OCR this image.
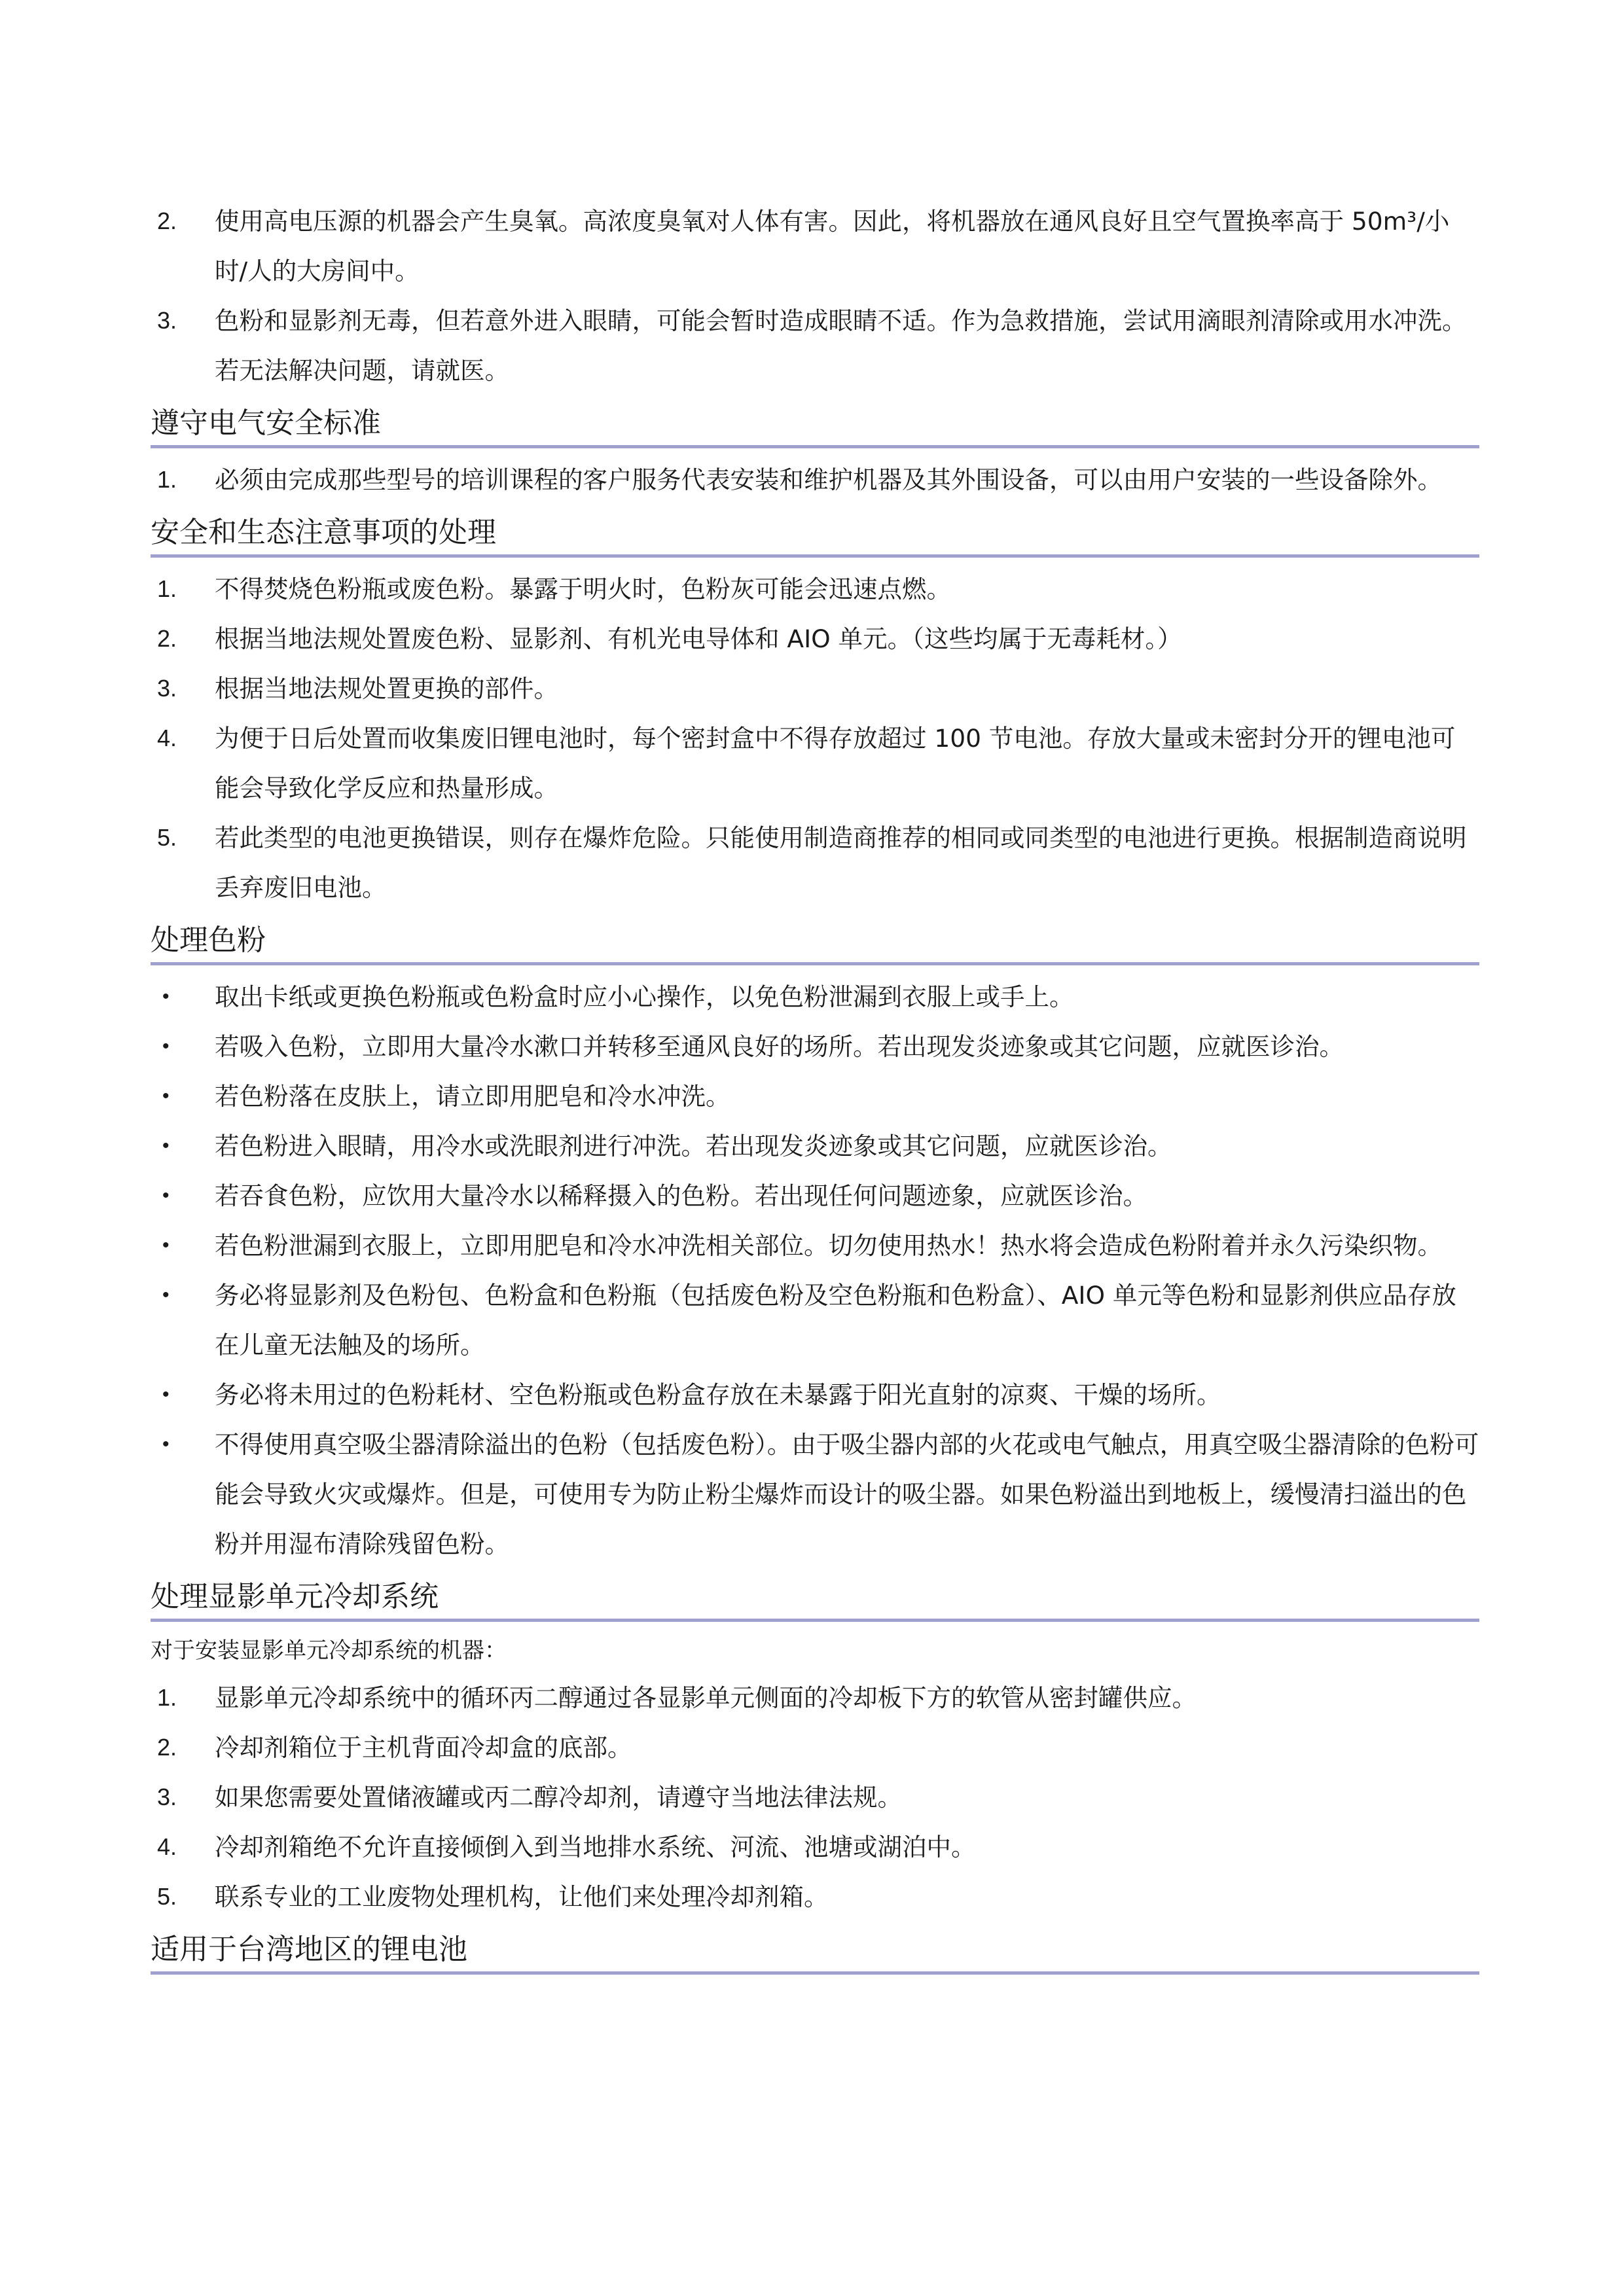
2. 使用高电压源的机器会产生臭氧。高浓度臭氧对人体有害。因此，将机器放在通风良好且空气置换率高于 50m³/小时/人的大房间中。
3. 色粉和显影剂无毒，但若意外进入眼睛，可能会暂时造成眼睛不适。作为急救措施，尝试用滴眼剂清除或用水冲洗。若无法解决问题，请就医。
遵守电气安全标准
1. 必须由完成那些型号的培训课程的客户服务代表安装和维护机器及其外围设备，可以由用户安装的一些设备除外。
安全和生态注意事项的处理
1. 不得焚烧色粉瓶或废色粉。暴露于明火时，色粉灰可能会迅速点燃。
2. 根据当地法规处置废色粉、显影剂、有机光电导体和 AIO 单元。（这些均属于无毒耗材。）
3. 根据当地法规处置更换的部件。
4. 为便于日后处置而收集废旧锂电池时，每个密封盒中不得存放超过 100 节电池。存放大量或未密封分开的锂电池可能会导致化学反应和热量形成。
5. 若此类型的电池更换错误，则存在爆炸危险。只能使用制造商推荐的相同或同类型的电池进行更换。根据制造商说明丢弃废旧电池。
处理色粉
• 取出卡纸或更换色粉瓶或色粉盒时应小心操作，以免色粉泄漏到衣服上或手上。
• 若吸入色粉，立即用大量冷水漱口并转移至通风良好的场所。若出现发炎迹象或其它问题，应就医诊治。
• 若色粉落在皮肤上，请立即用肥皂和冷水冲洗。
• 若色粉进入眼睛，用冷水或洗眼剂进行冲洗。若出现发炎迹象或其它问题，应就医诊治。
• 若吞食色粉，应饮用大量冷水以稀释摄入的色粉。若出现任何问题迹象，应就医诊治。
• 若色粉泄漏到衣服上，立即用肥皂和冷水冲洗相关部位。切勿使用热水！热水将会造成色粉附着并永久污染织物。
• 务必将显影剂及色粉包、色粉盒和色粉瓶（包括废色粉及空色粉瓶和色粉盒）、AIO 单元等色粉和显影剂供应品存放在儿童无法触及的场所。
• 务必将未用过的色粉耗材、空色粉瓶或色粉盒存放在未暴露于阳光直射的凉爽、干燥的场所。
• 不得使用真空吸尘器清除溢出的色粉（包括废色粉）。由于吸尘器内部的火花或电气触点，用真空吸尘器清除的色粉可能会导致火灾或爆炸。但是，可使用专为防止粉尘爆炸而设计的吸尘器。如果色粉溢出到地板上，缓慢清扫溢出的色粉并用湿布清除残留色粉。
处理显影单元冷却系统
对于安装显影单元冷却系统的机器：
1. 显影单元冷却系统中的循环丙二醇通过各显影单元侧面的冷却板下方的软管从密封罐供应。
2. 冷却剂箱位于主机背面冷却盒的底部。
3. 如果您需要处置储液罐或丙二醇冷却剂，请遵守当地法律法规。
4. 冷却剂箱绝不允许直接倾倒入到当地排水系统、河流、池塘或湖泊中。
5. 联系专业的工业废物处理机构，让他们来处理冷却剂箱。
适用于台湾地区的锂电池
